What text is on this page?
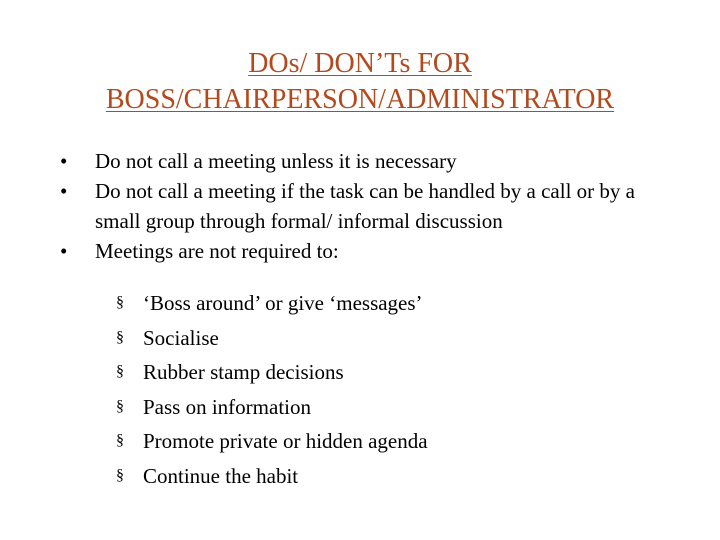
DOs/ DON’Ts FOR
BOSS/CHAIRPERSON/ADMINISTRATOR
•	Do not call a meeting unless it is necessary
•	Do not call a meeting if the task can be handled by a call or by a small group through formal/ informal discussion
•	Meetings are not required to:
§ ‘Boss around’ or give ‘messages’
§ Socialise
§ Rubber stamp decisions
§ Pass on information
§ Promote private or hidden agenda
§ Continue the habit
